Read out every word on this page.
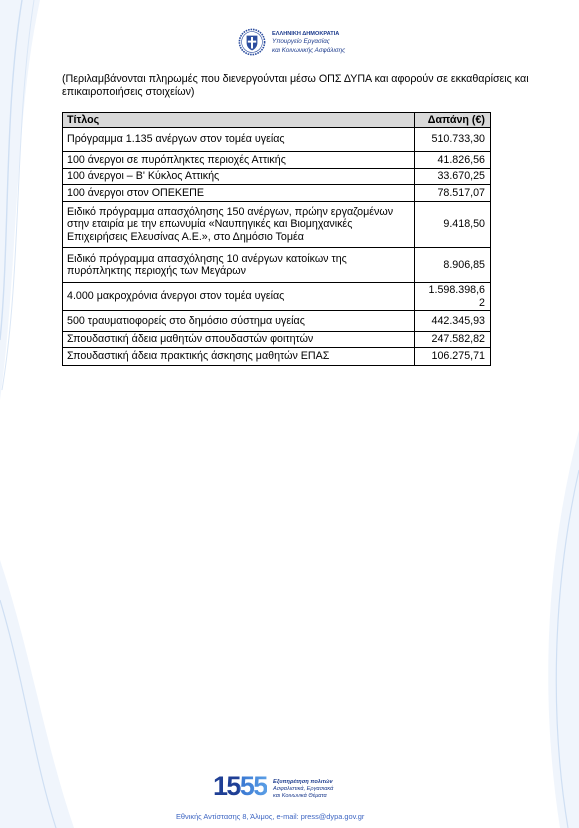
ΕΛΛΗΝΙΚΗ ΔΗΜΟΚΡΑΤΙΑ
Υπουργείο Εργασίας
και Κοινωνικής Ασφάλισης
(Περιλαμβάνονται πληρωμές που διενεργούνται μέσω ΟΠΣ ΔΥΠΑ και αφορούν σε εκκαθαρίσεις και επικαιροποιήσεις στοιχείων)
Τίτλος	Δαπάνη (€)
Πρόγραμμα 1.135 ανέργων στον τομέα υγείας	510.733,30
100 άνεργοι σε πυρόπληκτες περιοχές Αττικής	41.826,56
100 άνεργοι – Β' Κύκλος Αττικής	33.670,25
100 άνεργοι στον ΟΠΕΚΕΠΕ	78.517,07
Ειδικό πρόγραμμα απασχόλησης 150 ανέργων, πρώην εργαζομένων στην εταιρία με την επωνυμία «Ναυπηγικές και Βιομηχανικές Επιχειρήσεις Ελευσίνας Α.Ε.», στο Δημόσιο Τομέα	9.418,50
Ειδικό πρόγραμμα απασχόλησης 10 ανέργων κατοίκων της πυρόπληκτης περιοχής των Μεγάρων	8.906,85
4.000 μακροχρόνια άνεργοι στον τομέα υγείας	1.598.398,62
500 τραυματιοφορείς στο δημόσιο σύστημα υγείας	442.345,93
Σπουδαστική άδεια μαθητών σπουδαστών φοιτητών	247.582,82
Σπουδαστική άδεια πρακτικής άσκησης μαθητών ΕΠΑΣ	106.275,71
1555 Εξυπηρέτηση πολιτών
Ασφαλιστικά, Εργασιακά
και Κοινωνικά Θέματα
Εθνικής Αντίστασης 8, Άλιμος, e-mail: press@dypa.gov.gr
